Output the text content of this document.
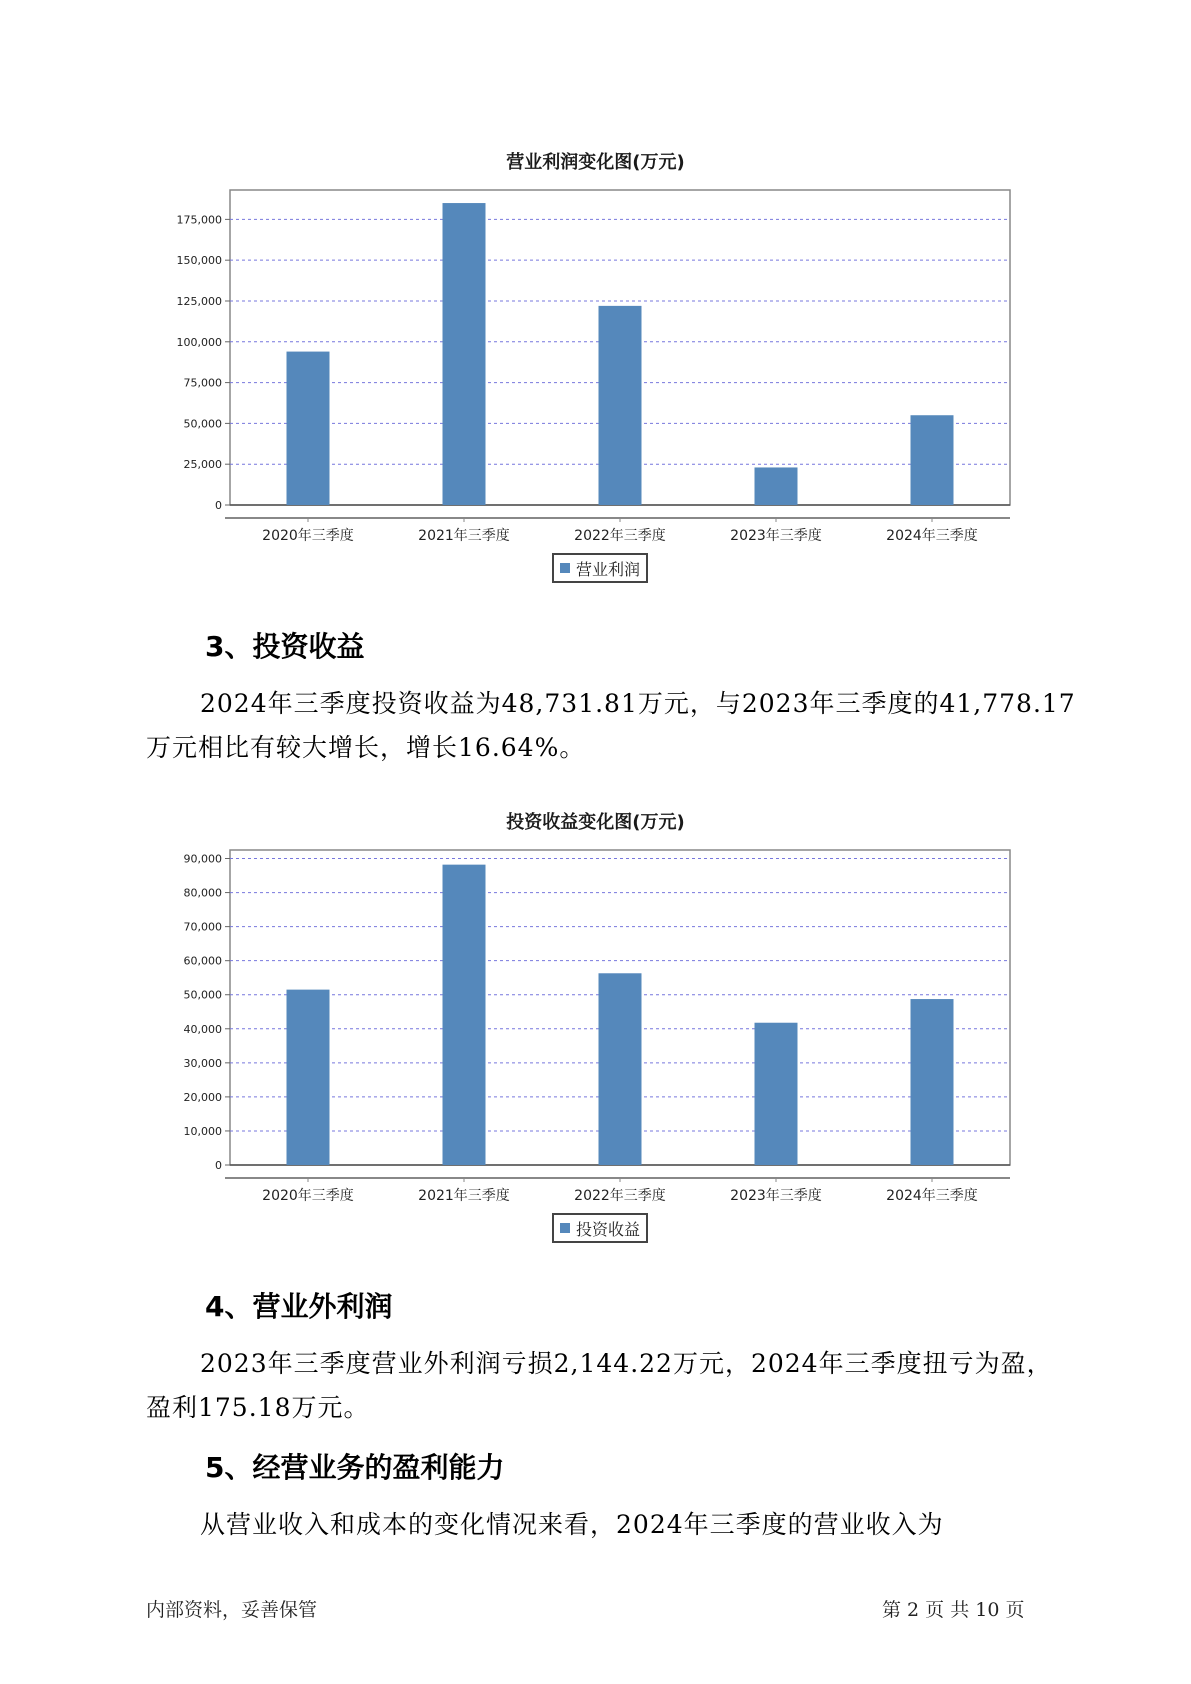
营业利润变化图(万元)
0
25,000
50,000
75,000
100,000
125,000
150,000
175,000
2020年三季度	2021年三季度	2022年三季度	2023年三季度	2024年三季度
营业利润
3、投资收益
2024年三季度投资收益为48,731.81万元，与2023年三季度的41,778.17万元相比有较大增长，增长16.64%。
投资收益变化图(万元)
0
10,000
20,000
30,000
40,000
50,000
60,000
70,000
80,000
90,000
2020年三季度	2021年三季度	2022年三季度	2023年三季度	2024年三季度
投资收益
4、营业外利润
2023年三季度营业外利润亏损2,144.22万元，2024年三季度扭亏为盈，盈利175.18万元。
5、经营业务的盈利能力
从营业收入和成本的变化情况来看，2024年三季度的营业收入为
内部资料，妥善保管	第 2 页 共 10 页
